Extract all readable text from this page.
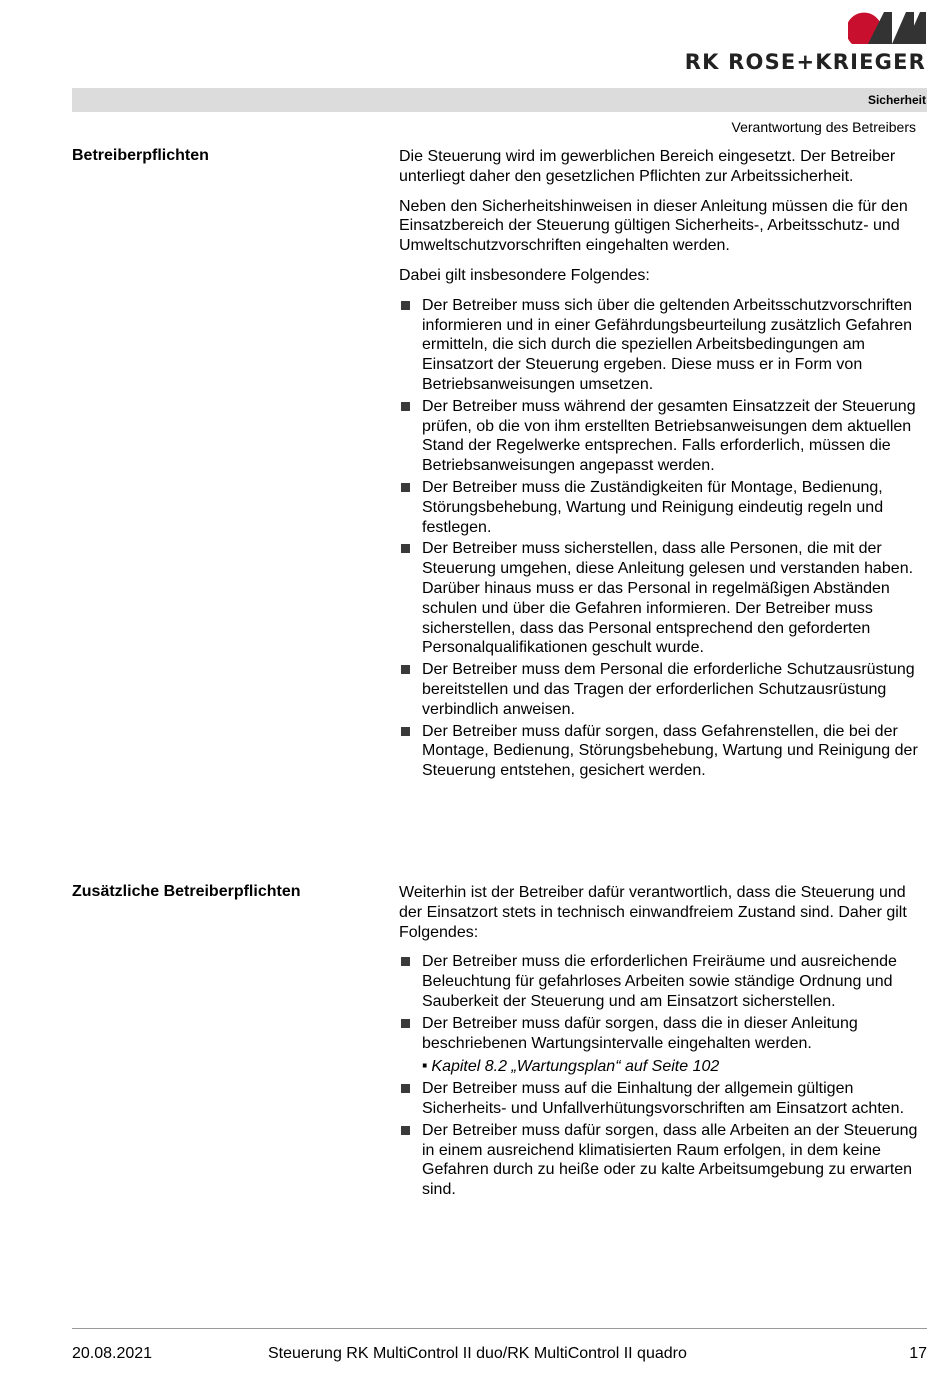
RK ROSE+KRIEGER
Sicherheit
Verantwortung des Betreibers
Betreiberpflichten	Die Steuerung wird im gewerblichen Bereich eingesetzt. Der Betreiber unterliegt daher den gesetzlichen Pflichten zur Arbeitssicherheit.

Neben den Sicherheitshinweisen in dieser Anleitung müssen die für den Einsatzbereich der Steuerung gültigen Sicherheits-, Arbeitsschutz- und Umweltschutzvorschriften eingehalten werden.

Dabei gilt insbesondere Folgendes:

Der Betreiber muss sich über die geltenden Arbeitsschutzvorschriften informieren und in einer Gefährdungsbeurteilung zusätzlich Gefahren ermitteln, die sich durch die speziellen Arbeitsbedingungen am Einsatzort der Steuerung ergeben. Diese muss er in Form von Betriebsanweisungen umsetzen.
Der Betreiber muss während der gesamten Einsatzzeit der Steuerung prüfen, ob die von ihm erstellten Betriebsanweisungen dem aktuellen Stand der Regelwerke entsprechen. Falls erforderlich, müssen die Betriebsanweisungen angepasst werden.
Der Betreiber muss die Zuständigkeiten für Montage, Bedienung, Störungsbehebung, Wartung und Reinigung eindeutig regeln und festlegen.
Der Betreiber muss sicherstellen, dass alle Personen, die mit der Steuerung umgehen, diese Anleitung gelesen und verstanden haben. Darüber hinaus muss er das Personal in regelmäßigen Abständen schulen und über die Gefahren informieren. Der Betreiber muss sicherstellen, dass das Personal entsprechend den geforderten Personalqualifikationen geschult wurde.
Der Betreiber muss dem Personal die erforderliche Schutzausrüstung bereitstellen und das Tragen der erforderlichen Schutzausrüstung verbindlich anweisen.
Der Betreiber muss dafür sorgen, dass Gefahrenstellen, die bei der Montage, Bedienung, Störungsbehebung, Wartung und Reinigung der Steuerung entstehen, gesichert werden.
Zusätzliche Betreiberpflichten	Weiterhin ist der Betreiber dafür verantwortlich, dass die Steuerung und der Einsatzort stets in technisch einwandfreiem Zustand sind. Daher gilt Folgendes:

Der Betreiber muss die erforderlichen Freiräume und ausreichende Beleuchtung für gefahrloses Arbeiten sowie ständige Ordnung und Sauberkeit der Steuerung und am Einsatzort sicherstellen.
Der Betreiber muss dafür sorgen, dass die in dieser Anleitung beschriebenen Wartungsintervalle eingehalten werden.
🢝 Kapitel 8.2 „Wartungsplan“ auf Seite 102
Der Betreiber muss auf die Einhaltung der allgemein gültigen Sicherheits- und Unfallverhütungsvorschriften am Einsatzort achten.
Der Betreiber muss dafür sorgen, dass alle Arbeiten an der Steuerung in einem ausreichend klimatisierten Raum erfolgen, in dem keine Gefahren durch zu heiße oder zu kalte Arbeitsumgebung zu erwarten sind.
20.08.2021	Steuerung RK MultiControl II duo/RK MultiControl II quadro	17
